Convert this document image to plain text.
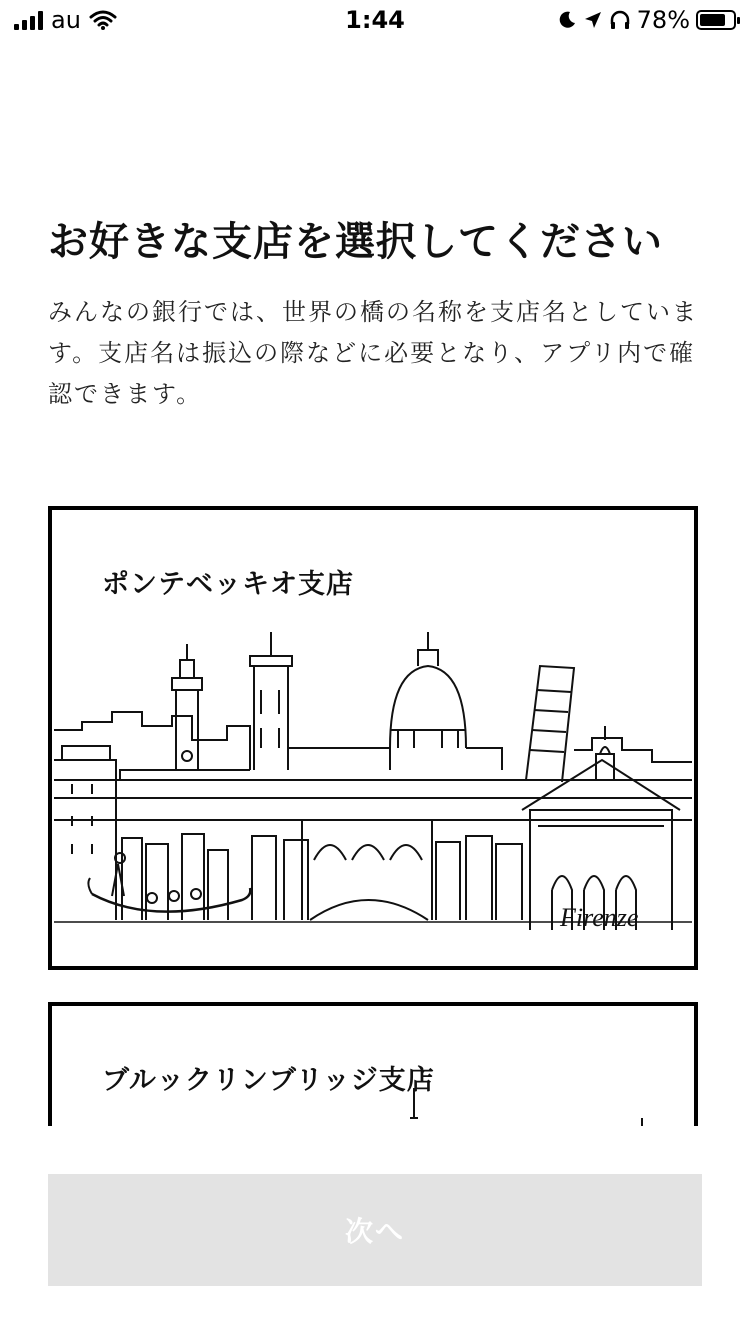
au	1:44	78%
お好きな支店を選択してください

みんなの銀行では、世界の橋の名称を支店名としています。支店名は振込の際などに必要となり、アプリ内で確認できます。

ポンテベッキオ支店
Firenze
ブルックリンブリッジ支店
次へ
